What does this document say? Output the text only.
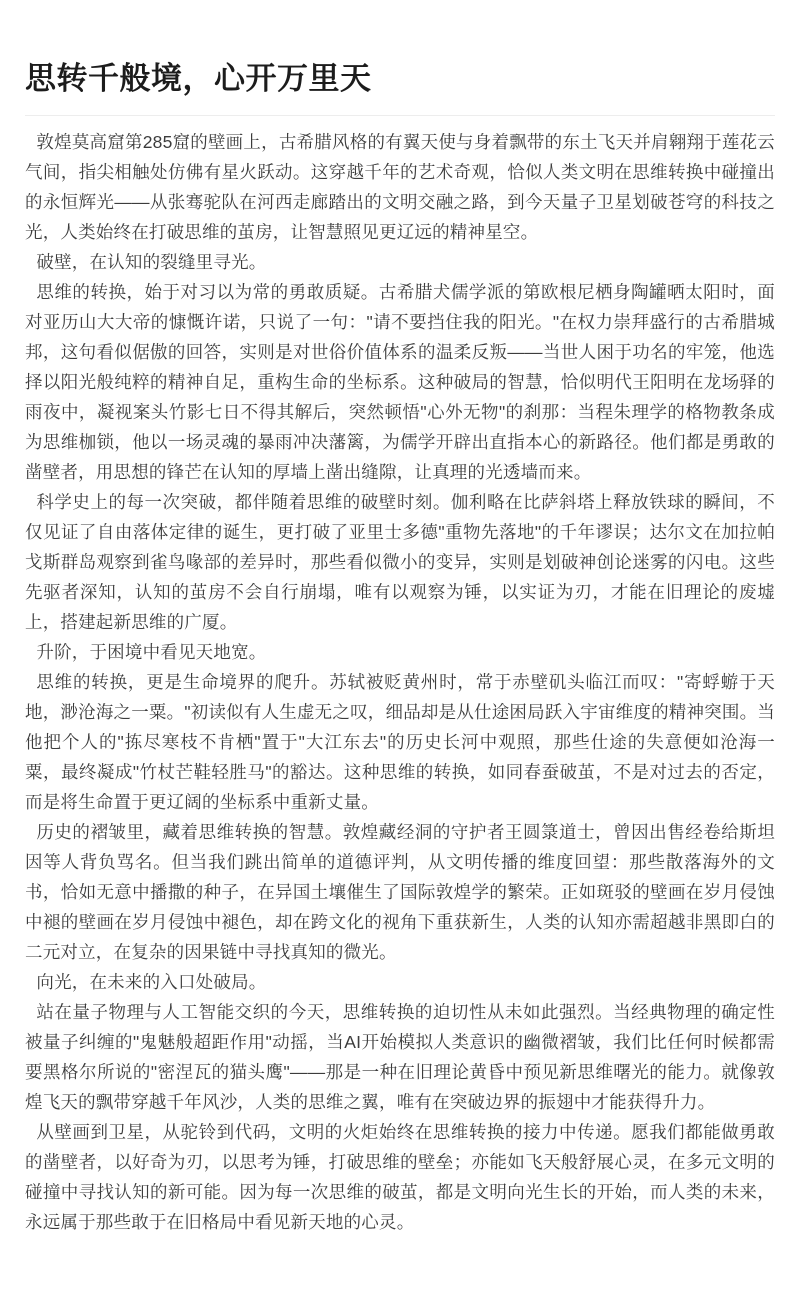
思转千般境，心开万里天

敦煌莫高窟第285窟的壁画上，古希腊风格的有翼天使与身着飘带的东土飞天并肩翱翔于莲花云气间，指尖相触处仿佛有星火跃动。这穿越千年的艺术奇观，恰似人类文明在思维转换中碰撞出的永恒辉光——从张骞驼队在河西走廊踏出的文明交融之路，到今天量子卫星划破苍穹的科技之光，人类始终在打破思维的茧房，让智慧照见更辽远的精神星空。

破壁，在认知的裂缝里寻光。

思维的转换，始于对习以为常的勇敢质疑。古希腊犬儒学派的第欧根尼栖身陶罐晒太阳时，面对亚历山大大帝的慷慨许诺，只说了一句："请不要挡住我的阳光。"在权力崇拜盛行的古希腊城邦，这句看似倨傲的回答，实则是对世俗价值体系的温柔反叛——当世人困于功名的牢笼，他选择以阳光般纯粹的精神自足，重构生命的坐标系。这种破局的智慧，恰似明代王阳明在龙场驿的雨夜中，凝视案头竹影七日不得其解后，突然顿悟"心外无物"的刹那：当程朱理学的格物教条成为思维枷锁，他以一场灵魂的暴雨冲决藩篱，为儒学开辟出直指本心的新路径。他们都是勇敢的凿壁者，用思想的锋芒在认知的厚墙上凿出缝隙，让真理的光透墙而来。

科学史上的每一次突破，都伴随着思维的破壁时刻。伽利略在比萨斜塔上释放铁球的瞬间，不仅见证了自由落体定律的诞生，更打破了亚里士多德"重物先落地"的千年谬误；达尔文在加拉帕戈斯群岛观察到雀鸟喙部的差异时，那些看似微小的变异，实则是划破神创论迷雾的闪电。这些先驱者深知，认知的茧房不会自行崩塌，唯有以观察为锤，以实证为刃，才能在旧理论的废墟上，搭建起新思维的广厦。

升阶，于困境中看见天地宽。

思维的转换，更是生命境界的爬升。苏轼被贬黄州时，常于赤壁矶头临江而叹："寄蜉蝣于天地，渺沧海之一粟。"初读似有人生虚无之叹，细品却是从仕途困局跃入宇宙维度的精神突围。当他把个人的"拣尽寒枝不肯栖"置于"大江东去"的历史长河中观照，那些仕途的失意便如沧海一粟，最终凝成"竹杖芒鞋轻胜马"的豁达。这种思维的转换，如同春蚕破茧，不是对过去的否定，而是将生命置于更辽阔的坐标系中重新丈量。

历史的褶皱里，藏着思维转换的智慧。敦煌藏经洞的守护者王圆箓道士，曾因出售经卷给斯坦因等人背负骂名。但当我们跳出简单的道德评判，从文明传播的维度回望：那些散落海外的文书，恰如无意中播撒的种子，在异国土壤催生了国际敦煌学的繁荣。正如斑驳的壁画在岁月侵蚀中褪的壁画在岁月侵蚀中褪色，却在跨文化的视角下重获新生，人类的认知亦需超越非黑即白的二元对立，在复杂的因果链中寻找真知的微光。

向光，在未来的入口处破局。

站在量子物理与人工智能交织的今天，思维转换的迫切性从未如此强烈。当经典物理的确定性被量子纠缠的"鬼魅般超距作用"动摇，当AI开始模拟人类意识的幽微褶皱，我们比任何时候都需要黑格尔所说的"密涅瓦的猫头鹰"——那是一种在旧理论黄昏中预见新思维曙光的能力。就像敦煌飞天的飘带穿越千年风沙，人类的思维之翼，唯有在突破边界的振翅中才能获得升力。

从壁画到卫星，从驼铃到代码，文明的火炬始终在思维转换的接力中传递。愿我们都能做勇敢的凿壁者，以好奇为刃，以思考为锤，打破思维的壁垒；亦能如飞天般舒展心灵，在多元文明的碰撞中寻找认知的新可能。因为每一次思维的破茧，都是文明向光生长的开始，而人类的未来，永远属于那些敢于在旧格局中看见新天地的心灵。
